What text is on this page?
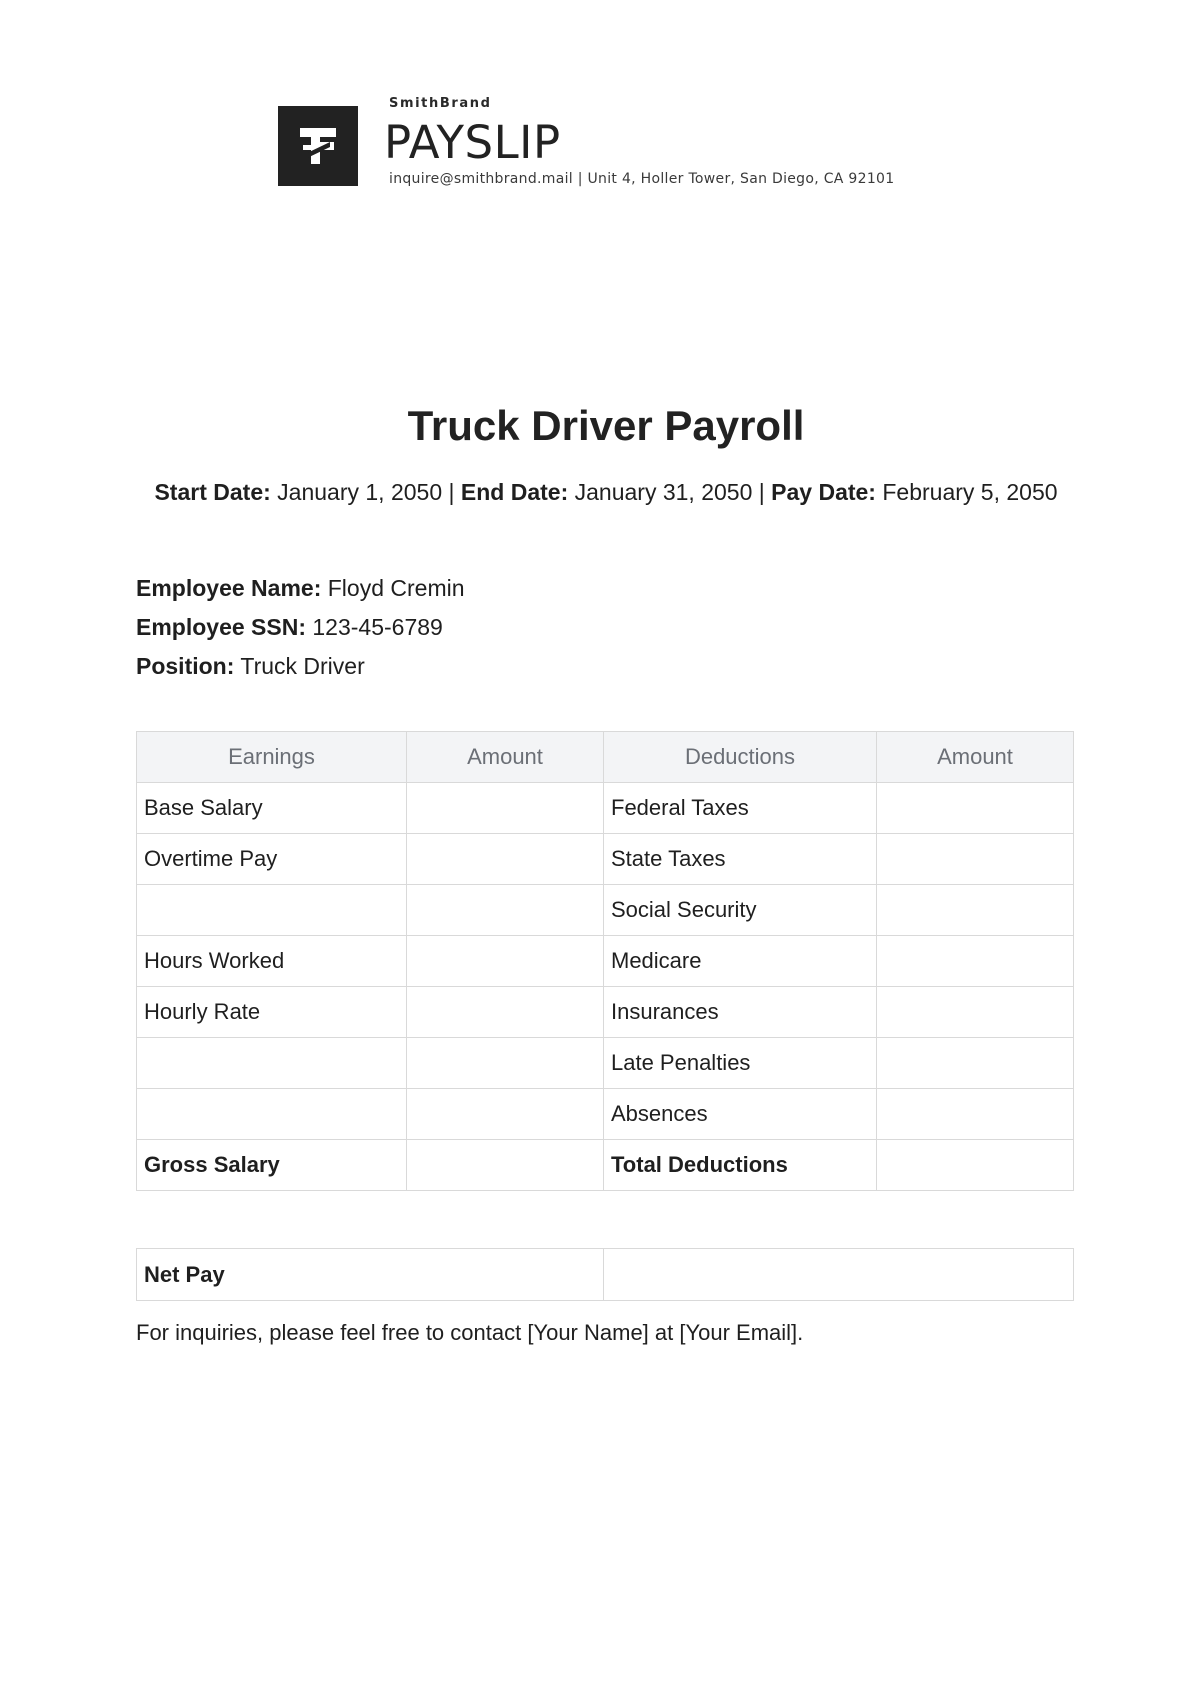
SmithBrand
PAYSLIP
inquire@smithbrand.mail | Unit 4, Holler Tower, San Diego, CA 92101
Truck Driver Payroll
Start Date: January 1, 2050 | End Date: January 31, 2050 | Pay Date: February 5, 2050
Employee Name: Floyd Cremin
Employee SSN: 123-45-6789
Position: Truck Driver
Earnings	Amount	Deductions	Amount
Base Salary		Federal Taxes	
Overtime Pay		State Taxes	
		Social Security	
Hours Worked		Medicare	
Hourly Rate		Insurances	
		Late Penalties	
		Absences	
Gross Salary		Total Deductions	
Net Pay	
For inquiries, please feel free to contact [Your Name] at [Your Email].
